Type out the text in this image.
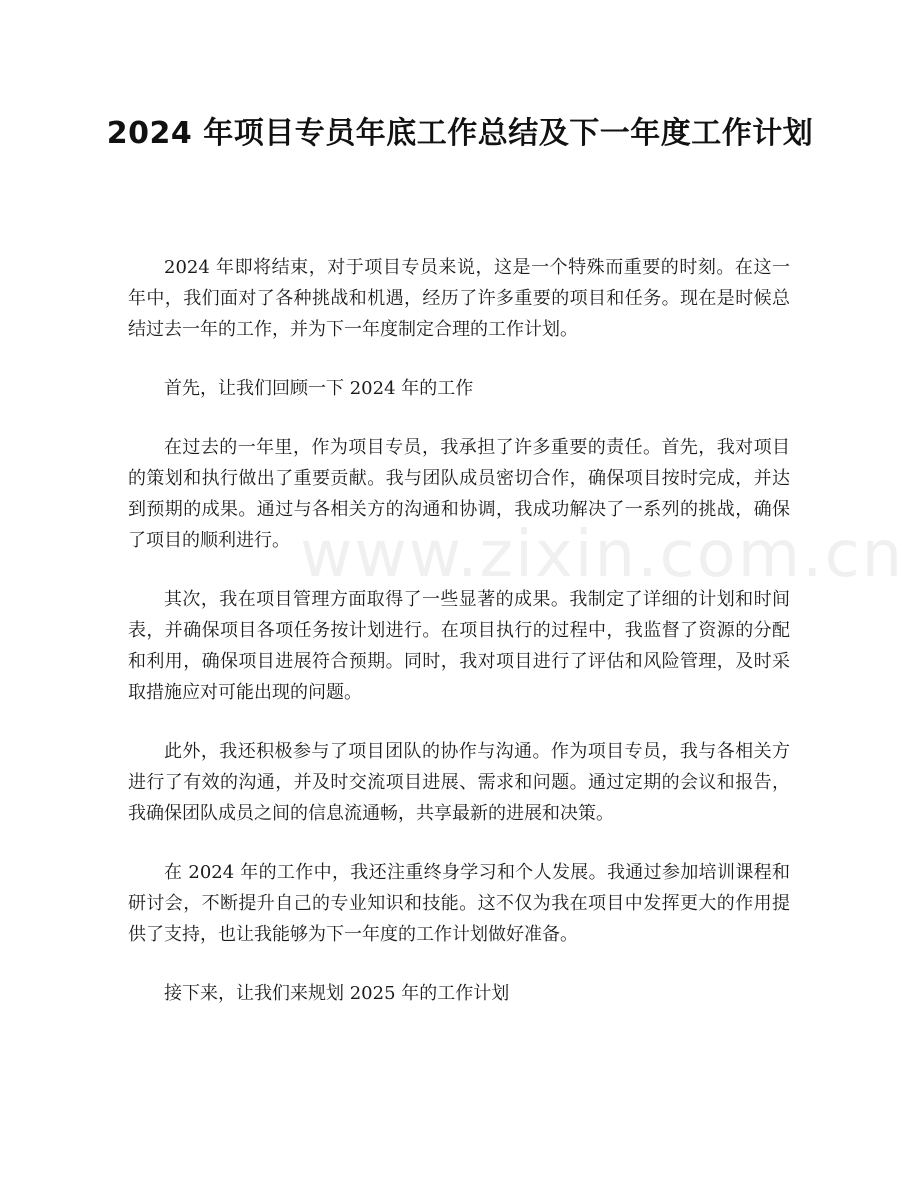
2024 年项目专员年底工作总结及下一年度工作计划
www.zixin.com.cn

2024 年即将结束，对于项目专员来说，这是一个特殊而重要的时刻。在这一年中，我们面对了各种挑战和机遇，经历了许多重要的项目和任务。现在是时候总结过去一年的工作，并为下一年度制定合理的工作计划。

首先，让我们回顾一下 2024 年的工作

在过去的一年里，作为项目专员，我承担了许多重要的责任。首先，我对项目的策划和执行做出了重要贡献。我与团队成员密切合作，确保项目按时完成，并达到预期的成果。通过与各相关方的沟通和协调，我成功解决了一系列的挑战，确保了项目的顺利进行。

其次，我在项目管理方面取得了一些显著的成果。我制定了详细的计划和时间表，并确保项目各项任务按计划进行。在项目执行的过程中，我监督了资源的分配和利用，确保项目进展符合预期。同时，我对项目进行了评估和风险管理，及时采取措施应对可能出现的问题。

此外，我还积极参与了项目团队的协作与沟通。作为项目专员，我与各相关方进行了有效的沟通，并及时交流项目进展、需求和问题。通过定期的会议和报告，我确保团队成员之间的信息流通畅，共享最新的进展和决策。

在 2024 年的工作中，我还注重终身学习和个人发展。我通过参加培训课程和研讨会，不断提升自己的专业知识和技能。这不仅为我在项目中发挥更大的作用提供了支持，也让我能够为下一年度的工作计划做好准备。

接下来，让我们来规划 2025 年的工作计划
